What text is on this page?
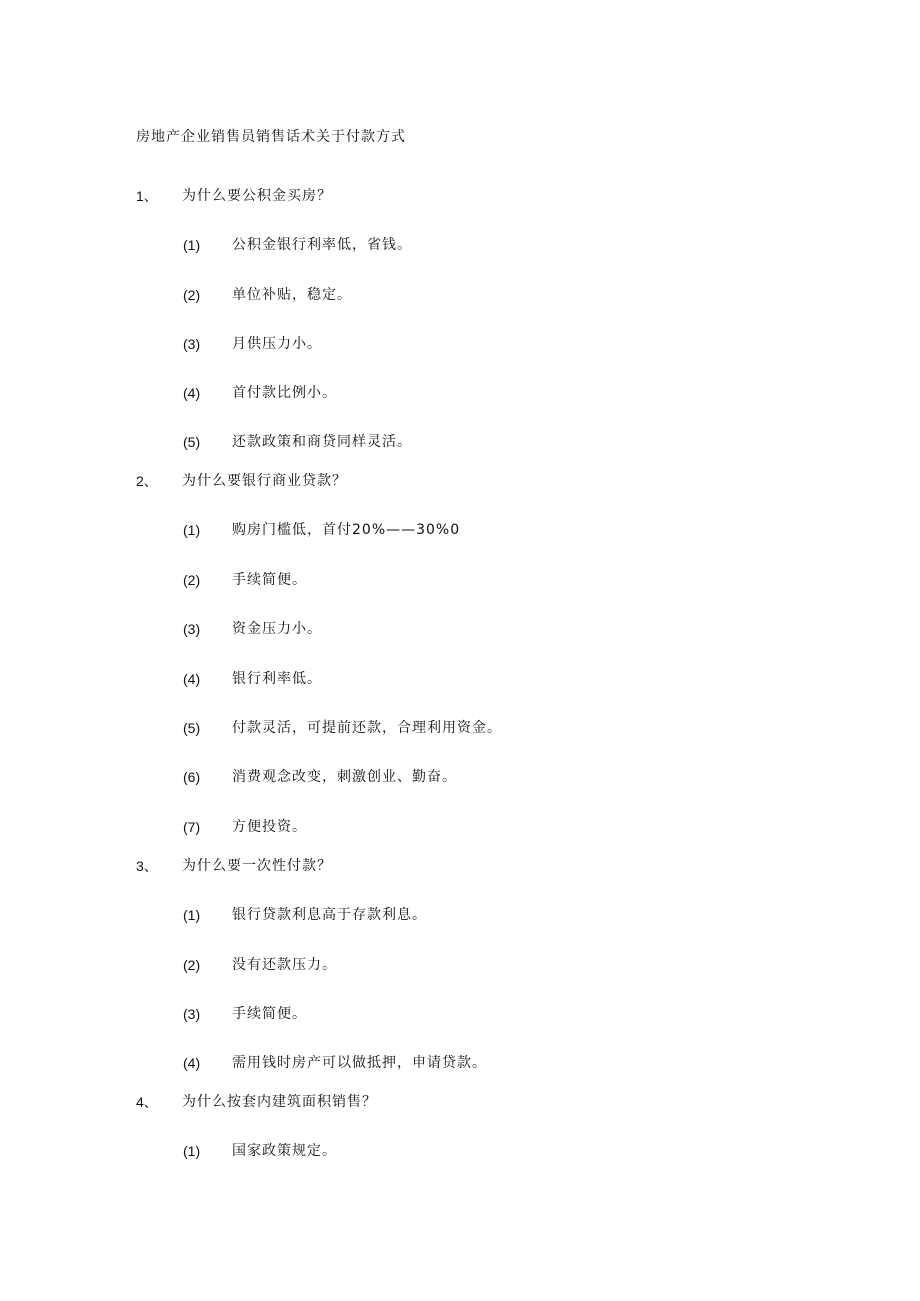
房地产企业销售员销售话术关于付款方式
1、 为什么要公积金买房？
(1) 公积金银行利率低，省钱。
(2) 单位补贴，稳定。
(3) 月供压力小。
(4) 首付款比例小。
(5) 还款政策和商贷同样灵活。
2、 为什么要银行商业贷款？
(1) 购房门槛低，首付20%——30%0
(2) 手续简便。
(3) 资金压力小。
(4) 银行利率低。
(5) 付款灵活，可提前还款，合理利用资金。
(6) 消费观念改变，刺激创业、勤奋。
(7) 方便投资。
3、 为什么要一次性付款？
(1) 银行贷款利息高于存款利息。
(2) 没有还款压力。
(3) 手续简便。
(4) 需用钱时房产可以做抵押，申请贷款。
4、 为什么按套内建筑面积销售？
(1) 国家政策规定。
